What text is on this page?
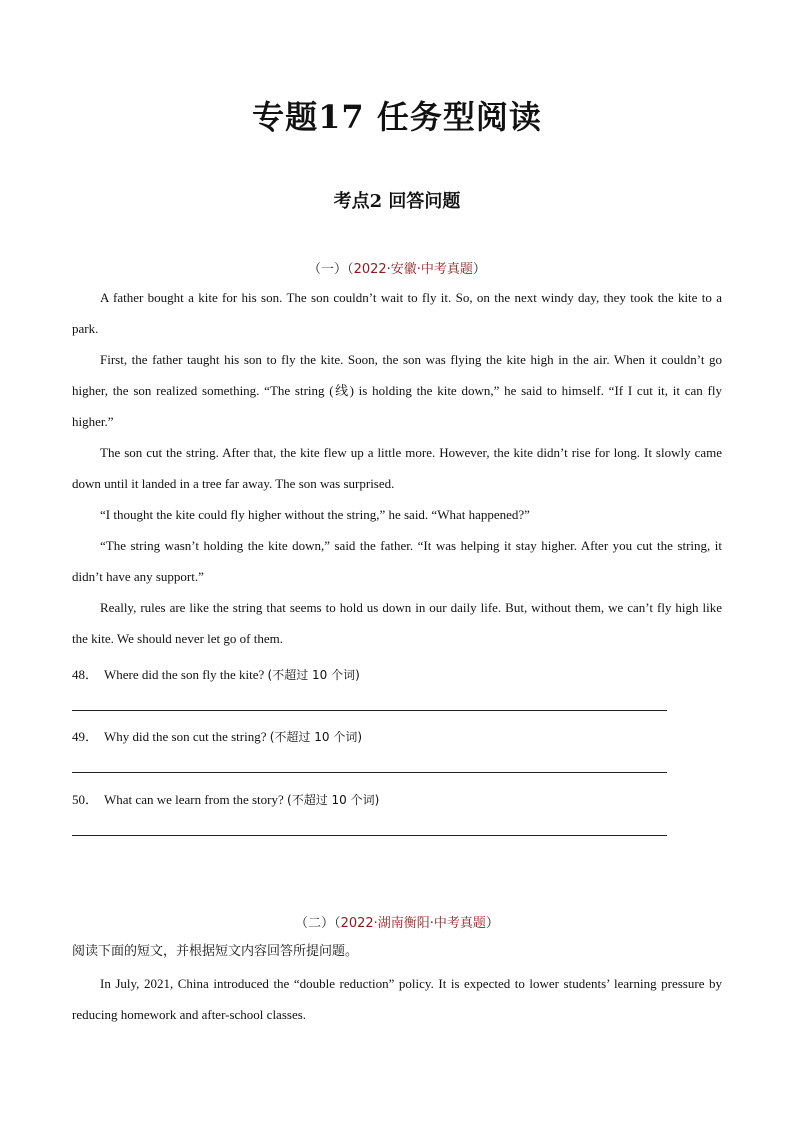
专题17 任务型阅读
考点2 回答问题
（一）（2022·安徽·中考真题）

A father bought a kite for his son. The son couldn’t wait to fly it. So, on the next windy day, they took the kite to a park.

First, the father taught his son to fly the kite. Soon, the son was flying the kite high in the air. When it couldn’t go higher, the son realized something. “The string (线) is holding the kite down,” he said to himself. “If I cut it, it can fly higher.”

The son cut the string. After that, the kite flew up a little more. However, the kite didn’t rise for long. It slowly came down until it landed in a tree far away. The son was surprised.

“I thought the kite could fly higher without the string,” he said. “What happened?”

“The string wasn’t holding the kite down,” said the father. “It was helping it stay higher. After you cut the string, it didn’t have any support.”

Really, rules are like the string that seems to hold us down in our daily life. But, without them, we can’t fly high like the kite. We should never let go of them.

48． Where did the son fly the kite? (不超过 10 个词)
49． Why did the son cut the string? (不超过 10 个词)
50． What can we learn from the story? (不超过 10 个词)
（二）（2022·湖南衡阳·中考真题）
阅读下面的短文，并根据短文内容回答所提问题。

In July, 2021, China introduced the “double reduction” policy. It is expected to lower students’ learning pressure by reducing homework and after-school classes.
